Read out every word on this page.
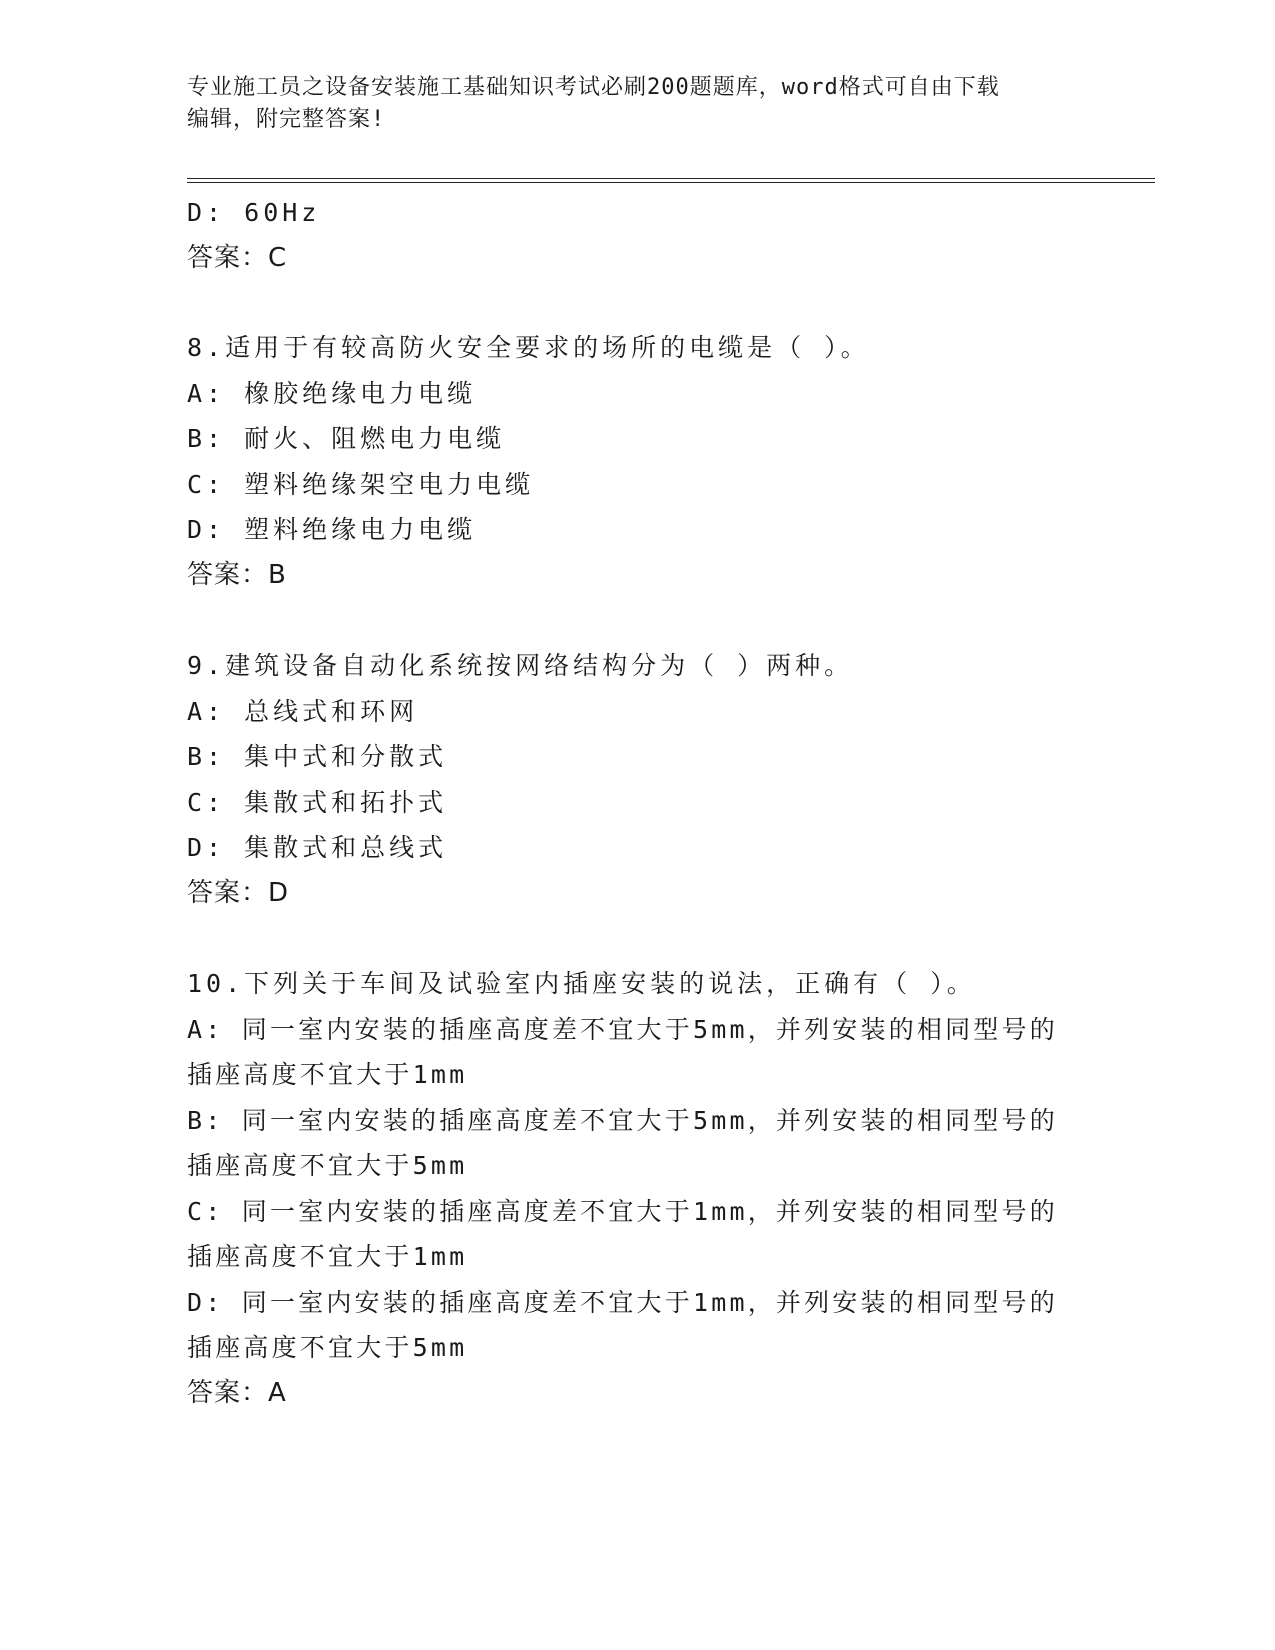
专业施工员之设备安装施工基础知识考试必刷200题题库，word格式可自由下载
编辑，附完整答案!
D: 60Hz
答案：C
8.适用于有较高防火安全要求的场所的电缆是（ ）。
A: 橡胶绝缘电力电缆
B: 耐火、阻燃电力电缆
C: 塑料绝缘架空电力电缆
D: 塑料绝缘电力电缆
答案：B
9.建筑设备自动化系统按网络结构分为（ ）两种。
A: 总线式和环网
B: 集中式和分散式
C: 集散式和拓扑式
D: 集散式和总线式
答案：D
10.下列关于车间及试验室内插座安装的说法，正确有（ ）。
A: 同一室内安装的插座高度差不宜大于5mm，并列安装的相同型号的
插座高度不宜大于1mm
B: 同一室内安装的插座高度差不宜大于5mm，并列安装的相同型号的
插座高度不宜大于5mm
C: 同一室内安装的插座高度差不宜大于1mm，并列安装的相同型号的
插座高度不宜大于1mm
D: 同一室内安装的插座高度差不宜大于1mm，并列安装的相同型号的
插座高度不宜大于5mm
答案：A
